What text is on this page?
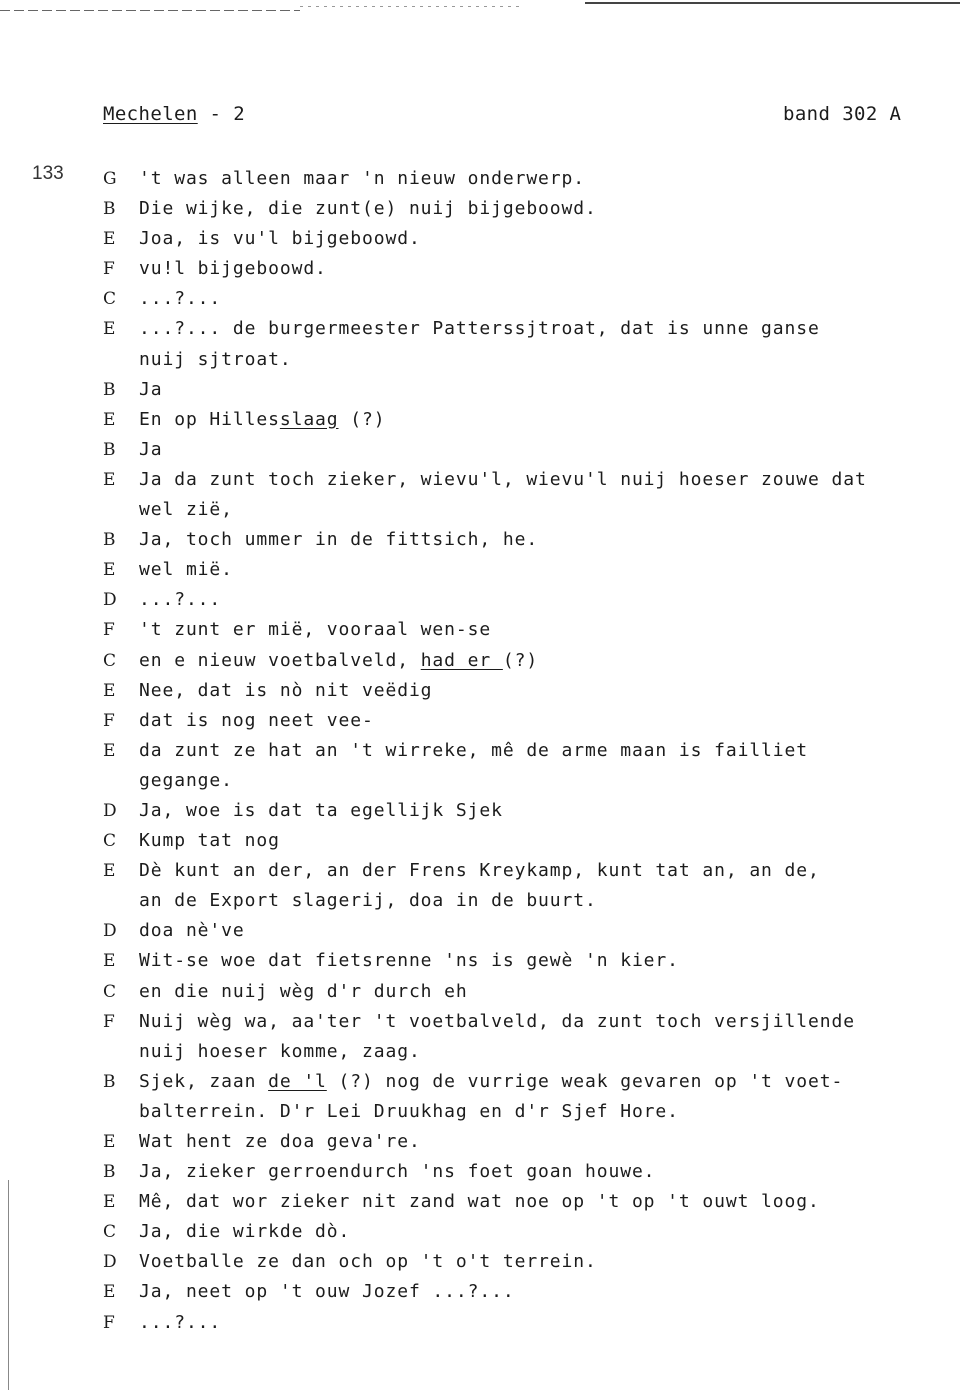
Mechelen - 2	band 302 A
133 G	't was alleen maar 'n nieuw onderwerp.
B	Die wijke, die zunt(e) nuij bijgeboowd.
E	Joa, is vu'l bijgeboowd.
F	vu!l bijgeboowd.
C	...?...
E	...?... de burgermeester Patterssjtroat, dat is unne ganse
nuij sjtroat.
B	Ja
E	En op Hillesslaag (?)
B	Ja
E	Ja da zunt toch zieker, wievu'l, wievu'l nuij hoeser zouwe dat
wel zië,
B	Ja, toch ummer in de fittsich, he.
E	wel mië.
D	...?...
F	't zunt er mië, vooraal wen-se
C	en e nieuw voetbalveld, had er (?)
E	Nee, dat is nò nit veëdig
F	dat is nog neet vee-
E	da zunt ze hat an 't wirreke, mê de arme maan is failliet
gegange.
D	Ja, woe is dat ta egellijk Sjek
C	Kump tat nog
E	Dè kunt an der, an der Frens Kreykamp, kunt tat an, an de,
an de Export slagerij, doa in de buurt.
D	doa nè've
E	Wit-se woe dat fietsrenne 'ns is gewè 'n kier.
C	en die nuij wèg d'r durch eh
F	Nuij wèg wa, aa'ter 't voetbalveld, da zunt toch versjillende
nuij hoeser komme, zaag.
B	Sjek, zaan de 'l (?) nog de vurrige weak gevaren op 't voet-
balterrein. D'r Lei Druukhag en d'r Sjef Hore.
E	Wat hent ze doa geva're.
B	Ja, zieker gerroendurch 'ns foet goan houwe.
E	Mê, dat wor zieker nit zand wat noe op 't op 't ouwt loog.
C	Ja, die wirkde dò.
D	Voetballe ze dan och op 't o't terrein.
E	Ja, neet op 't ouw Jozef ...?...
F	...?...
